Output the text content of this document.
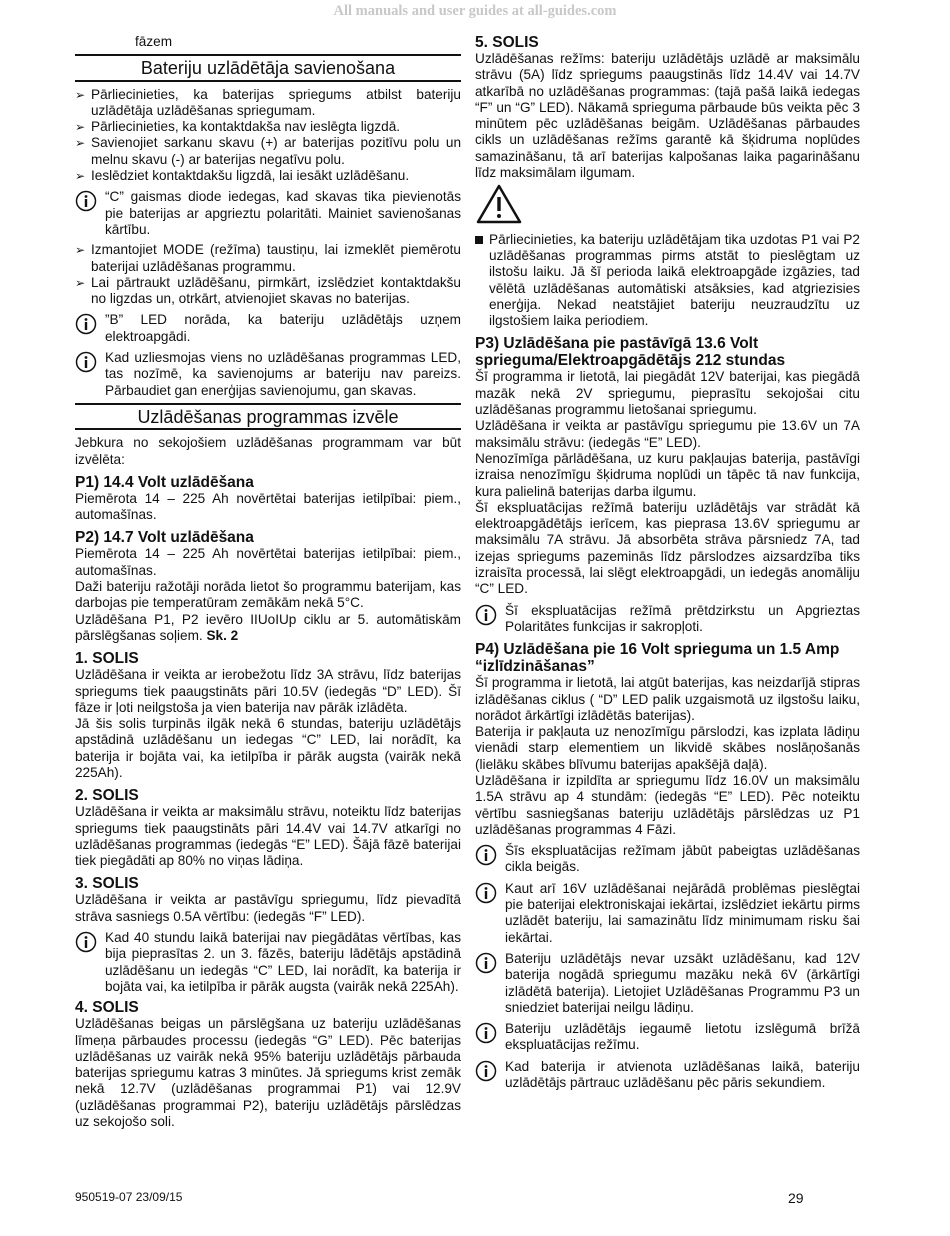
All manuals and user guides at all-guides.com

fāzem

Bateriju uzlādētāja savienošana
➢ Pārliecinieties, ka baterijas spriegums atbilst bateriju uzlādētāja uzlādēšanas spriegumam.
➢ Pārliecinieties, ka kontaktdakša nav ieslēgta ligzdā.
➢ Savienojiet sarkanu skavu (+) ar baterijas pozitīvu polu un melnu skavu (-) ar baterijas negatīvu polu.
➢ Ieslēdziet kontaktdakšu ligzdā, lai iesākt uzlādēšanu.
“C” gaismas diode iedegas, kad skavas tika pievienotās pie baterijas ar apgrieztu polaritāti. Mainiet savienošanas kārtību.
➢ Izmantojiet MODE (režīma) taustiņu, lai izmeklēt piemērotu baterijai uzlādēšanas programmu.
➢ Lai pārtraukt uzlādēšanu, pirmkārt, izslēdziet kontaktdakšu no ligzdas un, otrkārt, atvienojiet skavas no baterijas.
”B” LED norāda, ka bateriju uzlādētājs uzņem elektroapgādi.
Kad uzliesmojas viens no uzlādēšanas programmas LED, tas nozīmē, ka savienojums ar bateriju nav pareizs. Pārbaudiet gan enerģijas savienojumu, gan skavas.
Uzlādēšanas programmas izvēle

Jebkura no sekojošiem uzlādēšanas programmam var būt izvēlēta:

P1) 14.4 Volt uzlādēšana

Piemērota 14 – 225 Ah novērtētai baterijas ietilpībai: piem., automašīnas.

P2) 14.7 Volt uzlādēšana

Piemērota 14 – 225 Ah novērtētai baterijas ietilpībai: piem., automašīnas.

Daži bateriju ražotāji norāda lietot šo programmu baterijam, kas darbojas pie temperatūram zemākām nekā 5°C.

Uzlādēšana P1, P2 ievēro IIUoIUp ciklu ar 5. automātiskām pārslēgšanas soļiem. Sk. 2

1. SOLIS

Uzlādēšana ir veikta ar ierobežotu līdz 3A strāvu, līdz baterijas spriegums tiek paaugstināts pāri 10.5V (iedegās “D” LED). Šī fāze ir ļoti neilgstoša ja vien baterija nav pārāk izlādēta.

Jā šis solis turpinās ilgāk nekā 6 stundas, bateriju uzlādētājs apstādinā uzlādēšanu un iedegas “C” LED, lai norādīt, ka baterija ir bojāta vai, ka ietilpība ir pārāk augsta (vairāk nekā 225Ah).

2. SOLIS

Uzlādēšana ir veikta ar maksimālu strāvu, noteiktu līdz baterijas spriegums tiek paaugstināts pāri 14.4V vai 14.7V atkarīgi no uzlādēšanas programmas (iedegās “E” LED). Šājā fāzē baterijai tiek piegādāti ap 80% no viņas lādiņa.

3. SOLIS

Uzlādēšana ir veikta ar pastāvīgu spriegumu, līdz pievadītā strāva sasniegs 0.5A vērtību: (iedegās “F” LED).

Kad 40 stundu laikā baterijai nav piegādātas vērtības, kas bija pieprasītas 2. un 3. fāzēs, bateriju lādētājs apstādinā uzlādēšanu un iedegās “C” LED, lai norādīt, ka baterija ir bojāta vai, ka ietilpība ir pārāk augsta (vairāk nekā 225Ah).
4. SOLIS

Uzlādēšanas beigas un pārslēgšana uz bateriju uzlādēšanas līmeņa pārbaudes processu (iedegās “G” LED). Pēc baterijas uzlādēšanas uz vairāk nekā 95% bateriju uzlādētājs pārbauda baterijas spriegumu katras 3 minūtes. Jā spriegums krist zemāk nekā 12.7V (uzlādēšanas programmai P1) vai 12.9V (uzlādēšanas programmai P2), bateriju uzlādētājs pārslēdzas uz sekojošo soli.

5. SOLIS

Uzlādēšanas režīms: bateriju uzlādētājs uzlādē ar maksimālu strāvu (5A) līdz spriegums paaugstinās līdz 14.4V vai 14.7V atkarībā no uzlādēšanas programmas: (tajā pašā laikā iedegas “F” un “G” LED). Nākamā sprieguma pārbaude būs veikta pēc 3 minūtem pēc uzlādēšanas beigām. Uzlādēšanas pārbaudes cikls un uzlādēšanas režīms garantē kā šķidruma noplūdes samazināšanu, tā arī baterijas kalpošanas laika pagarināšanu līdz maksimālam ilgumam.

Pārliecinieties, ka bateriju uzlādētājam tika uzdotas P1 vai P2 uzlādēšanas programmas pirms atstāt to pieslēgtam uz ilstošu laiku. Jā šī perioda laikā elektroapgāde izgāzies, tad vēlētā uzlādēšanas automātiski atsāksies, kad atgriezisies enerģija. Nekad neatstājiet bateriju neuzraudzītu uz ilgstošiem laika periodiem.
P3) Uzlādēšana pie pastāvīgā 13.6 Volt sprieguma/Elektroapgādētājs 212 stundas

Šī programma ir lietotā, lai piegādāt 12V baterijai, kas piegādā mazāk nekā 2V spriegumu, pieprasītu sekojošai citu uzlādēšanas programmu lietošanai spriegumu.

Uzlādēšana ir veikta ar pastāvīgu spriegumu pie 13.6V un 7A maksimālu strāvu: (iedegās “E” LED).

Nenozīmīga pārlādēšana, uz kuru pakļaujas baterija, pastāvīgi izraisa nenozīmīgu šķidruma noplūdi un tāpēc tā nav funkcija, kura palielinā baterijas darba ilgumu.

Šī ekspluatācijas režīmā bateriju uzlādētājs var strādāt kā elektroapgādētājs ierīcem, kas pieprasa 13.6V spriegumu ar maksimālu 7A strāvu. Jā absorbēta strāva pārsniedz 7A, tad izejas spriegums pazeminās līdz pārslodzes aizsardzība tiks izraisīta processā, lai slēgt elektroapgādi, un iedegās anomāliju “C” LED.

Šī ekspluatācijas režīmā prētdzirkstu un Apgrieztas Polaritātes funkcijas ir sakropļoti.
P4) Uzlādēšana pie 16 Volt sprieguma un 1.5 Amp “izlīdzināšanas”

Šī programma ir lietotā, lai atgūt baterijas, kas neizdarījā stipras izlādēšanas ciklus ( “D” LED palik uzgaismotā uz ilgstošu laiku, norādot ārkārtīgi izlādētās baterijas).

Baterija ir pakļauta uz nenozīmīgu pārslodzi, kas izplata lādiņu vienādi starp elementiem un likvidē skābes noslāņošanās (lielāku skābes blīvumu baterijas apakšējā daļā).

Uzlādēšana ir izpildīta ar spriegumu līdz 16.0V un maksimālu 1.5A strāvu ap 4 stundām: (iedegās “E” LED). Pēc noteiktu vērtību sasniegšanas bateriju uzlādētājs pārslēdzas uz P1 uzlādēšanas programmas 4 Fāzi.

Šīs ekspluatācijas režīmam jābūt pabeigtas uzlādēšanas cikla beigās.
Kaut arī 16V uzlādēšanai nejārādā problēmas pieslēgtai pie baterijai elektroniskajai iekārtai, izslēdziet iekārtu pirms uzlādēt bateriju, lai samazinātu līdz minimumam risku šai iekārtai.
Bateriju uzlādētājs nevar uzsākt uzlādēšanu, kad 12V baterija nogādā spriegumu mazāku nekā 6V (ārkārtīgi izlādētā baterija). Lietojiet Uzlādēšanas Programmu P3 un sniedziet baterijai neilgu lādiņu.
Bateriju uzlādētājs iegaumē lietotu izslēgumā brīžā ekspluatācijas režīmu.
Kad baterija ir atvienota uzlādēšanas laikā, bateriju uzlādētājs pārtrauc uzlādēšanu pēc pāris sekundiem.
950519-07 23/09/15	29
